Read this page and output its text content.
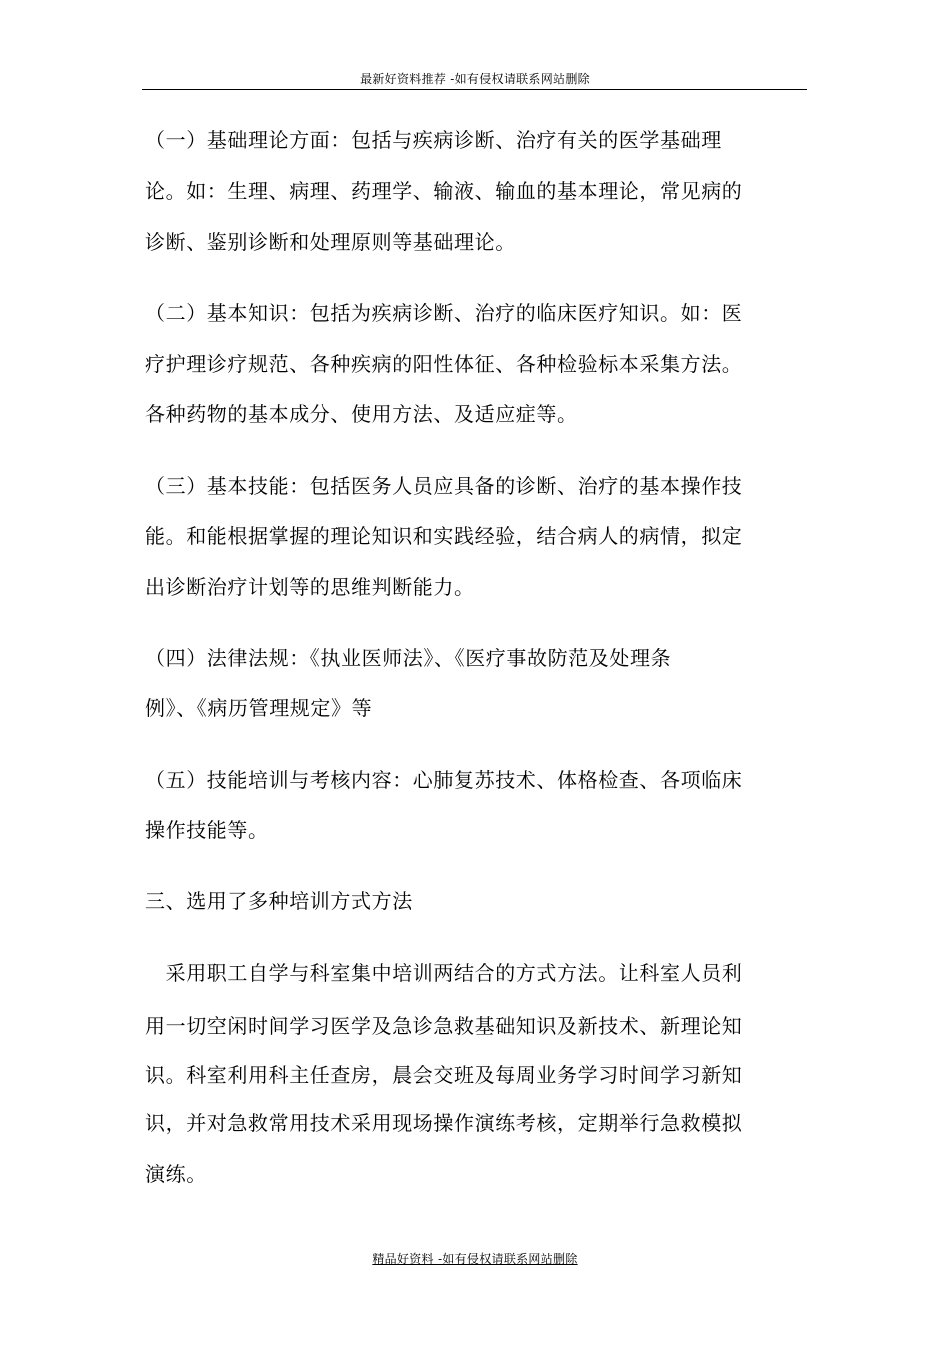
最新好资料推荐 -如有侵权请联系网站删除
（一）基础理论方面：包括与疾病诊断、治疗有关的医学基础理
论。如：生理、病理、药理学、输液、输血的基本理论，常见病的
诊断、鉴别诊断和处理原则等基础理论。
（二）基本知识：包括为疾病诊断、治疗的临床医疗知识。如：医
疗护理诊疗规范、各种疾病的阳性体征、各种检验标本采集方法。
各种药物的基本成分、使用方法、及适应症等。
（三）基本技能：包括医务人员应具备的诊断、治疗的基本操作技
能。和能根据掌握的理论知识和实践经验，结合病人的病情，拟定
出诊断治疗计划等的思维判断能力。
（四）法律法规：《执业医师法》、《医疗事故防范及处理条
例》、《病历管理规定》等
（五）技能培训与考核内容：心肺复苏技术、体格检查、各项临床
操作技能等。
三、选用了多种培训方式方法
　采用职工自学与科室集中培训两结合的方式方法。让科室人员利
用一切空闲时间学习医学及急诊急救基础知识及新技术、新理论知
识。科室利用科主任查房，晨会交班及每周业务学习时间学习新知
识，并对急救常用技术采用现场操作演练考核，定期举行急救模拟
演练。
精品好资料 -如有侵权请联系网站删除
